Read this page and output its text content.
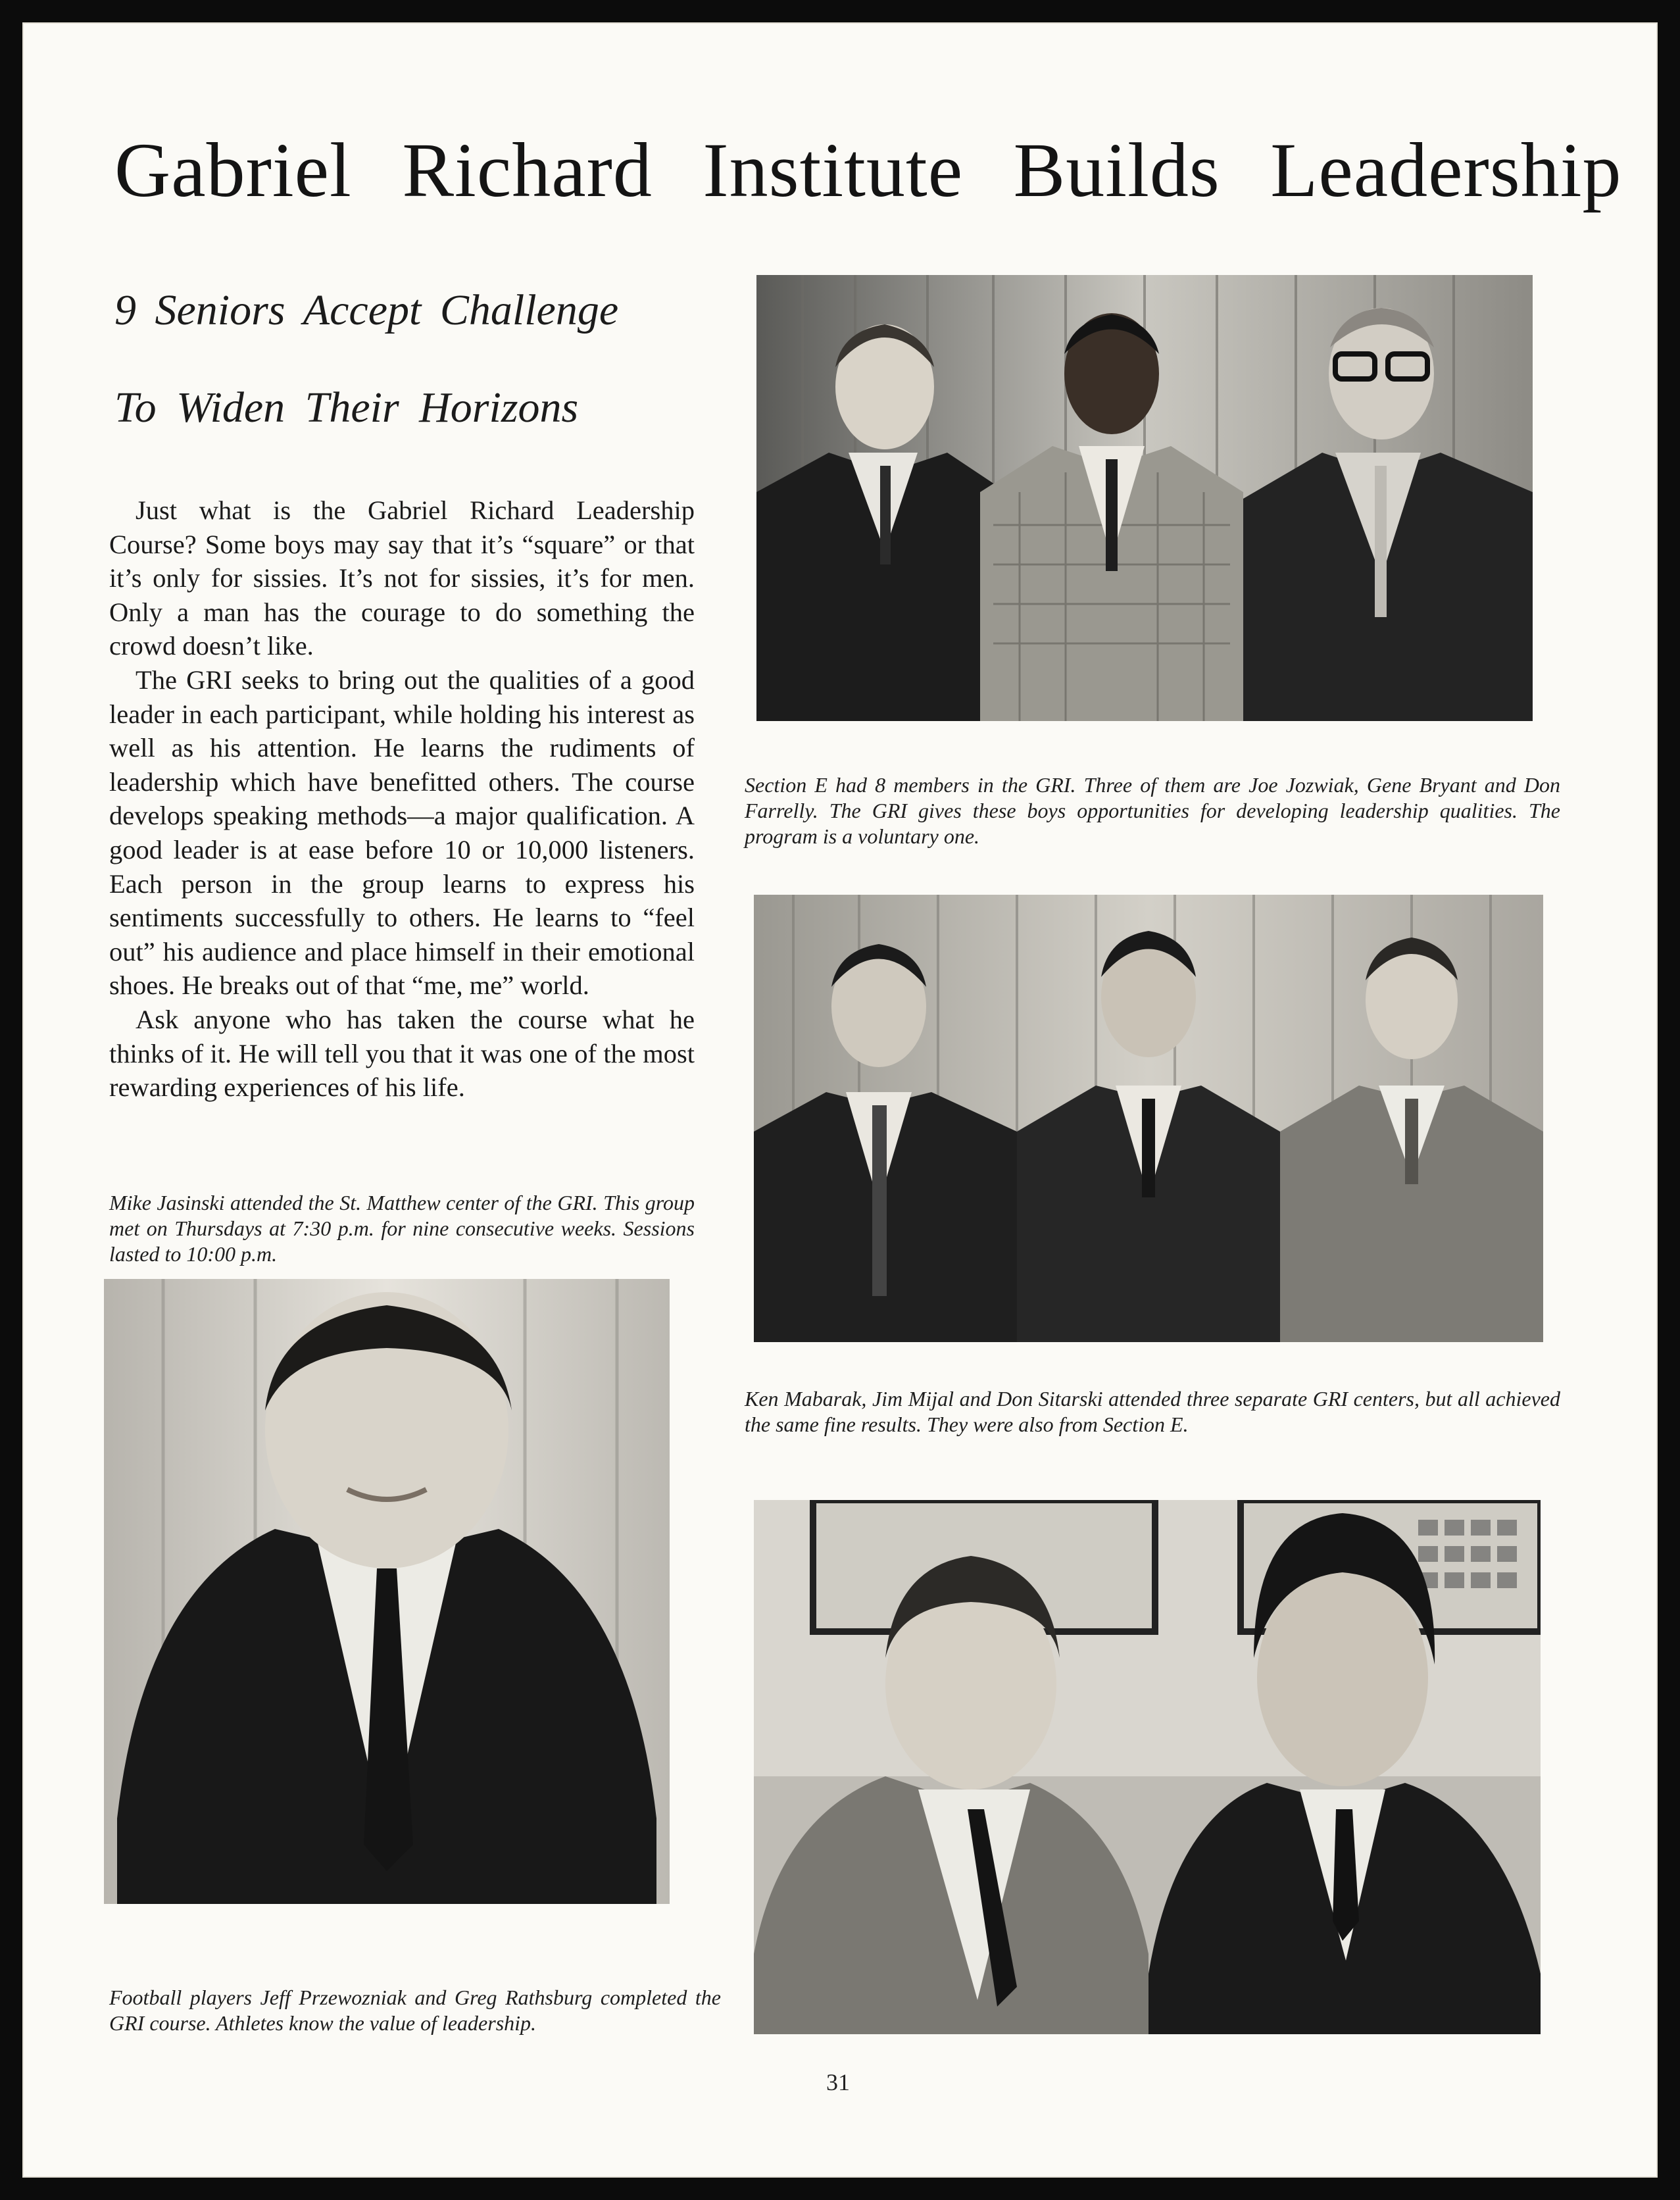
Gabriel Richard Institute Builds Leadership
9 Seniors Accept Challenge
To Widen Their Horizons

Just what is the Gabriel Richard Leadership Course? Some boys may say that it’s “square” or that it’s only for sissies. It’s not for sissies, it’s for men. Only a man has the courage to do something the crowd doesn’t like.

The GRI seeks to bring out the qualities of a good leader in each participant, while holding his interest as well as his attention. He learns the rudiments of leadership which have benefitted others. The course develops speaking methods—a major qualification. A good leader is at ease before 10 or 10,000 listeners. Each person in the group learns to express his sentiments successfully to others. He learns to “feel out” his audience and place himself in their emotional shoes. He breaks out of that “me, me” world.

Ask anyone who has taken the course what he thinks of it. He will tell you that it was one of the most rewarding experiences of his life.

Section E had 8 members in the GRI. Three of them are Joe Jozwiak, Gene Bryant and Don Farrelly. The GRI gives these boys opportunities for developing leadership qualities. The program is a voluntary one.
Ken Mabarak, Jim Mijal and Don Sitarski attended three separate GRI centers, but all achieved the same fine results. They were also from Section E.
Mike Jasinski attended the St. Matthew center of the GRI. This group met on Thursdays at 7:30 p.m. for nine consecutive weeks. Sessions lasted to 10:00 p.m.
Football players Jeff Przewozniak and Greg Rathsburg completed the GRI course. Athletes know the value of leadership.
31
